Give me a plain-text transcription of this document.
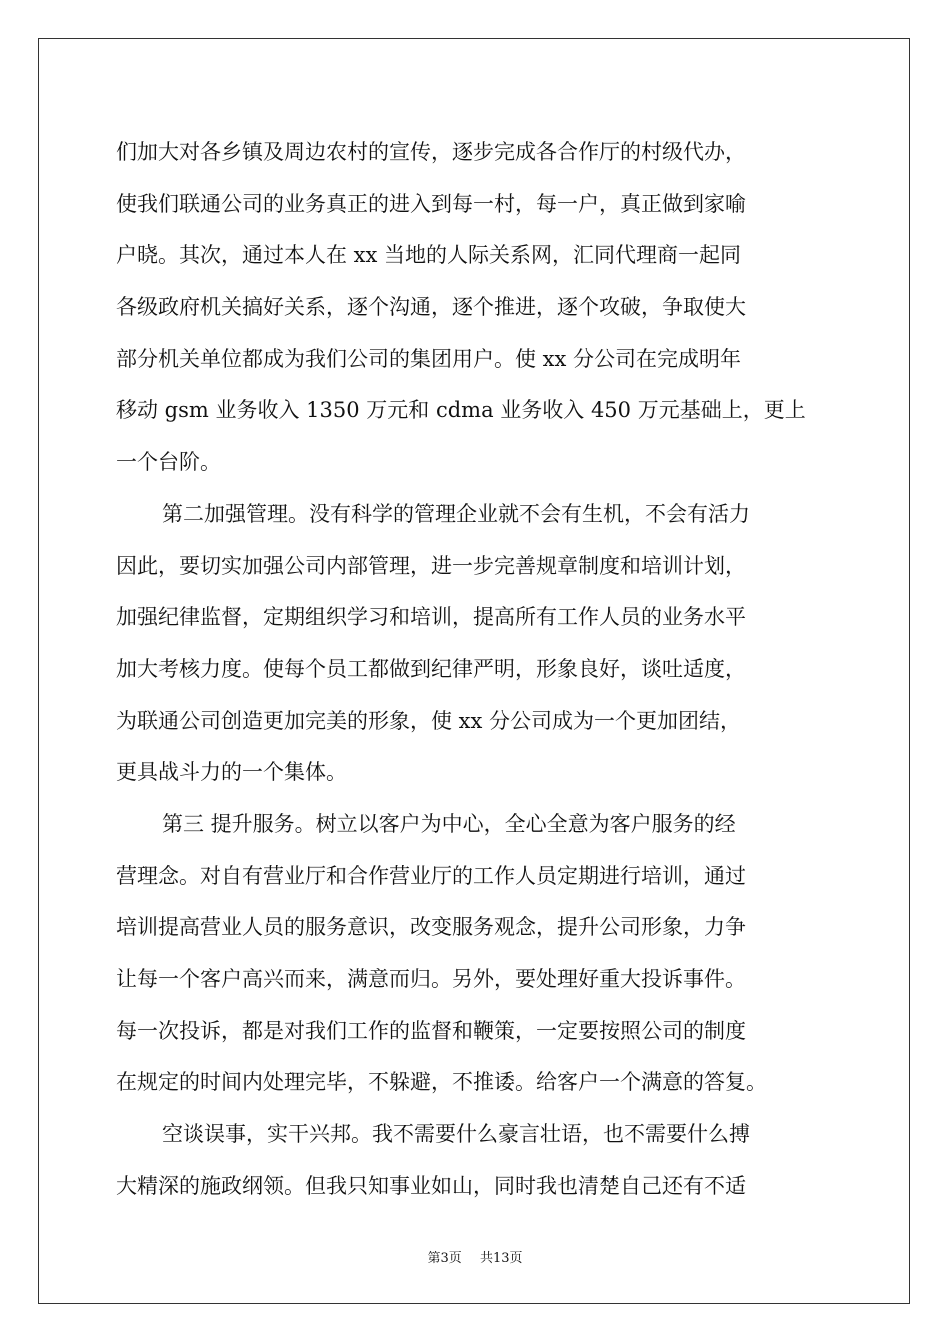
们加大对各乡镇及周边农村的宣传，逐步完成各合作厅的村级代办，
使我们联通公司的业务真正的进入到每一村，每一户，真正做到家喻
户晓。其次，通过本人在 xx 当地的人际关系网，汇同代理商一起同
各级政府机关搞好关系，逐个沟通，逐个推进，逐个攻破，争取使大
部分机关单位都成为我们公司的集团用户。使 xx 分公司在完成明年
移动 gsm 业务收入 1350 万元和 cdma 业务收入 450 万元基础上，更上
一个台阶。
第二加强管理。没有科学的管理企业就不会有生机，不会有活力
因此，要切实加强公司内部管理，进一步完善规章制度和培训计划，
加强纪律监督，定期组织学习和培训，提高所有工作人员的业务水平
加大考核力度。使每个员工都做到纪律严明，形象良好，谈吐适度，
为联通公司创造更加完美的形象，使 xx 分公司成为一个更加团结，
更具战斗力的一个集体。
第三 提升服务。树立以客户为中心，全心全意为客户服务的经
营理念。对自有营业厅和合作营业厅的工作人员定期进行培训，通过
培训提高营业人员的服务意识，改变服务观念，提升公司形象，力争
让每一个客户高兴而来，满意而归。另外，要处理好重大投诉事件。
每一次投诉，都是对我们工作的监督和鞭策，一定要按照公司的制度
在规定的时间内处理完毕，不躲避，不推诿。给客户一个满意的答复。
空谈误事，实干兴邦。我不需要什么豪言壮语，也不需要什么搏
大精深的施政纲领。但我只知事业如山，同时我也清楚自己还有不适
第3页 共13页
